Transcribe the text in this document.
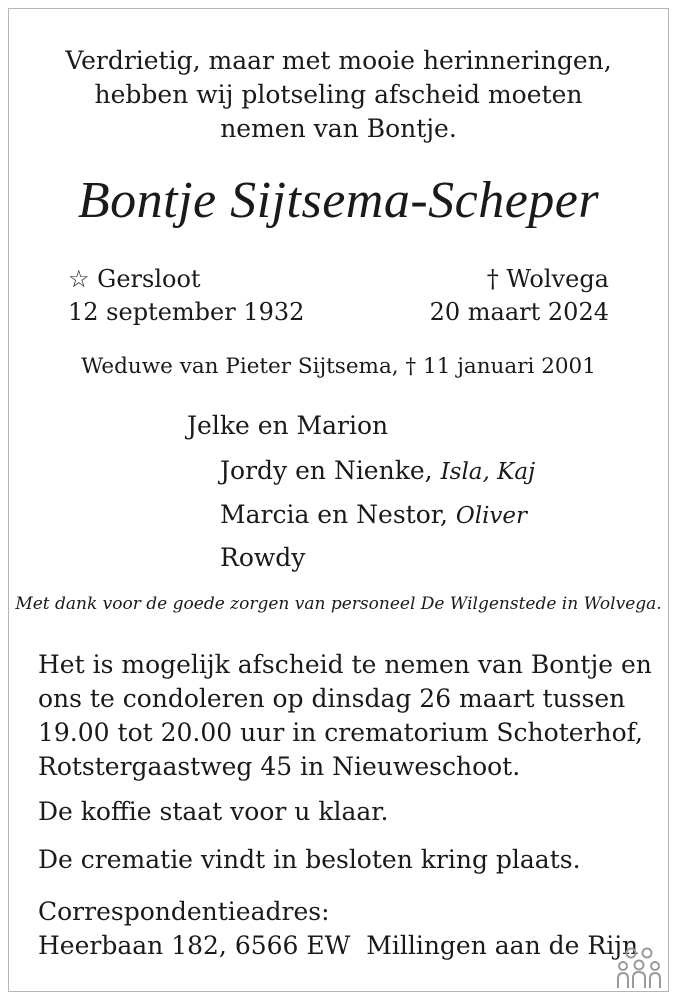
Verdrietig, maar met mooie herinneringen,
hebben wij plotseling afscheid moeten
nemen van Bontje.
Bontje Sijtsema-Scheper
☆ Gersloot
12 september 1932
† Wolvega
20 maart 2024
Weduwe van Pieter Sijtsema, † 11 januari 2001
Jelke en Marion
Jordy en Nienke, Isla, Kaj
Marcia en Nestor, Oliver
Rowdy
Met dank voor de goede zorgen van personeel De Wilgenstede in Wolvega.
Het is mogelijk afscheid te nemen van Bontje en
ons te condoleren op dinsdag 26 maart tussen
19.00 tot 20.00 uur in crematorium Schoterhof,
Rotstergaastweg 45 in Nieuweschoot.
De koffie staat voor u klaar.
De crematie vindt in besloten kring plaats.
Correspondentieadres:
Heerbaan 182, 6566 EW Millingen aan de Rijn
